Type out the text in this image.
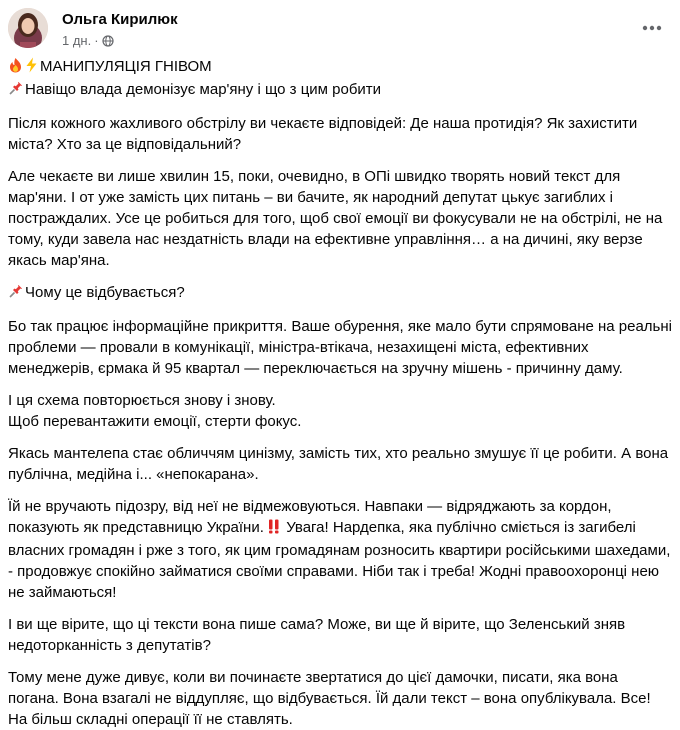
Ольга Кирилюк
1 дн. ·

МАНИПУЛЯЦІЯ ГНІВОМ

Навіщо влада демонізує мар'яну і що з цим робити

Після кожного жахливого обстрілу ви чекаєте відповідей: Де наша протидія? Як захистити міста? Хто за це відповідальний?

Але чекаєте ви лише хвилин 15, поки, очевидно, в ОПі швидко творять новий текст для мар'яни. І от уже замість цих питань – ви бачите, як народний депутат цькує загиблих і постраждалих. Усе це робиться для того, щоб свої емоції ви фокусували не на обстрілі, не на тому, куди завела нас нездатність влади на ефективне управління… а на дичині, яку верзе якась мар'яна.

Чому це відбувається?

Бо так працює інформаційне прикриття. Ваше обурення, яке мало бути спрямоване на реальні проблеми — провали в комунікації, міністра-втікача, незахищені міста, ефективних менеджерів, єрмака й 95 квартал — переключається на зручну мішень - причинну даму.

І ця схема повторюється знову і знову.

Щоб перевантажити емоції, стерти фокус.

Якась мантелепа стає обличчям цинізму, замість тих, хто реально змушує її це робити. А вона публічна, медійна і... «непокарана».

Їй не вручають підозру, від неї не відмежовуються. Навпаки — відряджають за кордон, показують як представницю України.  Увага! Нардепка, яка публічно сміється із загибелі власних громадян і рже з того, як цим громадянам розносить квартири російськими шахедами, - продовжує спокійно займатися своїми справами. Ніби так і треба! Жодні правоохоронці нею не займаються!

І ви ще вірите, що ці тексти вона пише сама? Може, ви ще й вірите, що Зеленський зняв недоторканність з депутатів?

Тому мене дуже дивує, коли ви починаєте звертатися до цієї дамочки, писати, яка вона погана. Вона взагалі не віддупляє, що відбувається. Їй дали текст – вона опублікувала. Все! На більш складні операції її не ставлять.
